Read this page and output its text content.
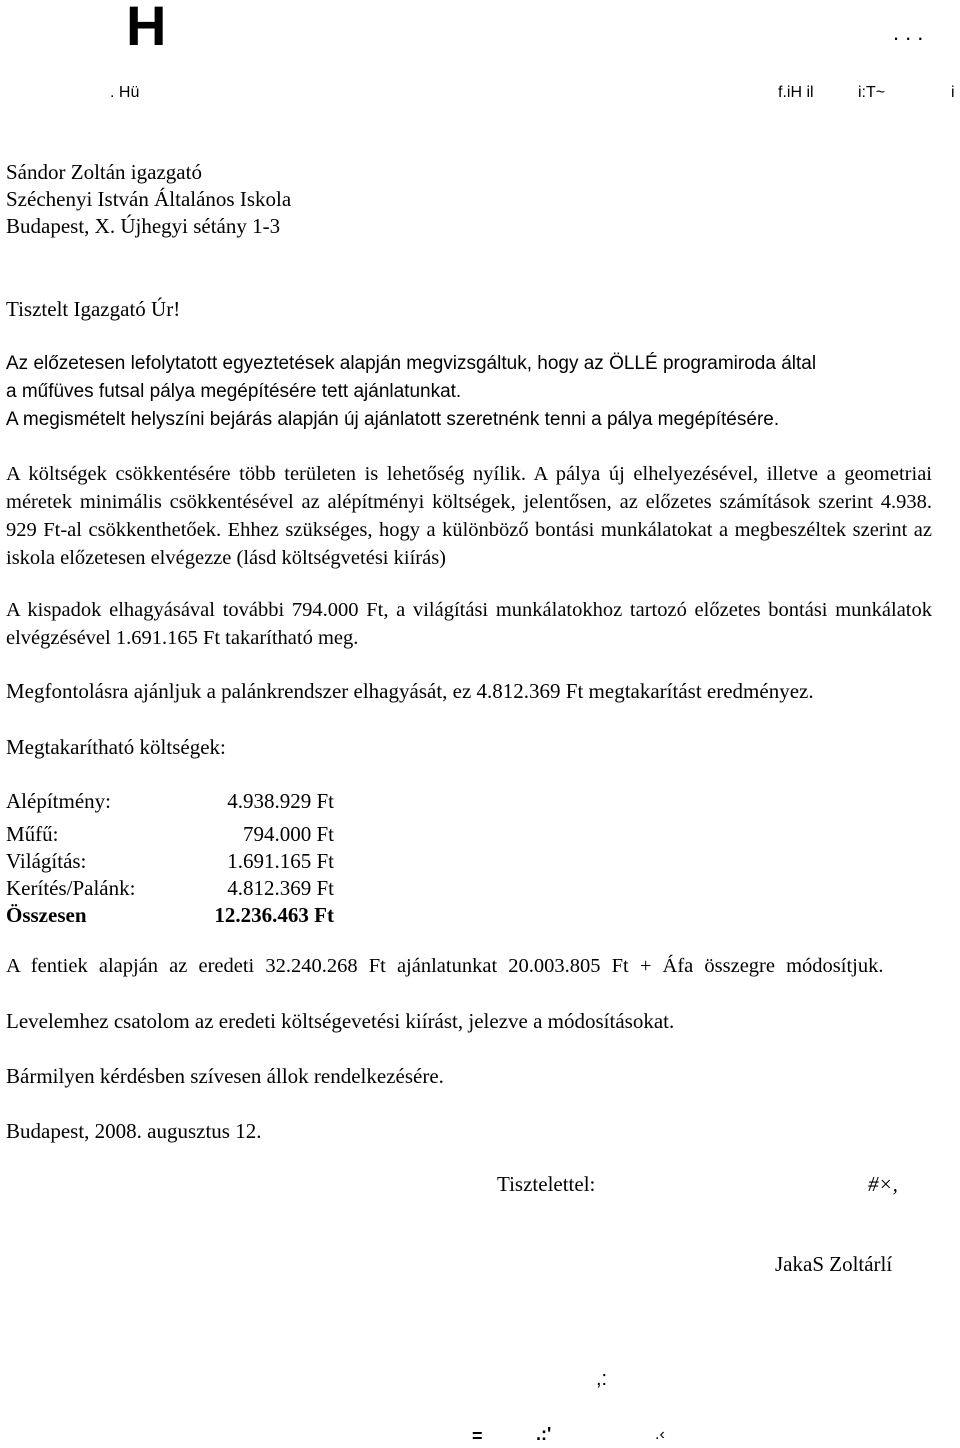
H	...
. Hü	f.iH il	i:T~	i
Sándor Zoltán igazgató
Széchenyi István Általános Iskola
Budapest, X. Újhegyi sétány 1-3
Tisztelt Igazgató Úr!
Az előzetesen lefolytatott egyeztetések alapján megvizsgáltuk, hogy az ÖLLÉ programiroda által
a műfüves futsal pálya megépítésére tett ajánlatunkat.
A megismételt helyszíni bejárás alapján új ajánlatott szeretnénk tenni a pálya megépítésére.

A költségek csökkentésére több területen is lehetőség nyílik. A pálya új elhelyezésével, illetve a geometriai méretek minimális csökkentésével az alépítményi költségek, jelentősen, az előzetes számítások szerint 4.938. 929 Ft-al csökkenthetőek. Ehhez szükséges, hogy a különböző bontási munkálatokat a megbeszéltek szerint az iskola előzetesen elvégezze (lásd költségvetési kiírás)

A kispadok elhagyásával további 794.000 Ft, a világítási munkálatokhoz tartozó előzetes bontási munkálatok elvégzésével 1.691.165 Ft takarítható meg.

Megfontolásra ajánljuk a palánkrendszer elhagyását, ez 4.812.369 Ft megtakarítást eredményez.
Megtakarítható költségek:
Alépítmény:	4.938.929 Ft
Műfű:	794.000 Ft
Világítás:	1.691.165 Ft
Kerítés/Palánk:	4.812.369 Ft
Összesen	12.236.463 Ft

A fentiek alapján az eredeti 32.240.268 Ft ajánlatunkat 20.003.805 Ft + Áfa összegre módosítjuk.

Levelemhez csatolom az eredeti költségevetési kiírást, jelezve a módosításokat.
Bármilyen kérdésben szívesen állok rendelkezésére.
Budapest, 2008. augusztus 12.
Tisztelettel:	#×,
JakaS Zoltárlí
,:
=	.:'	.‹
